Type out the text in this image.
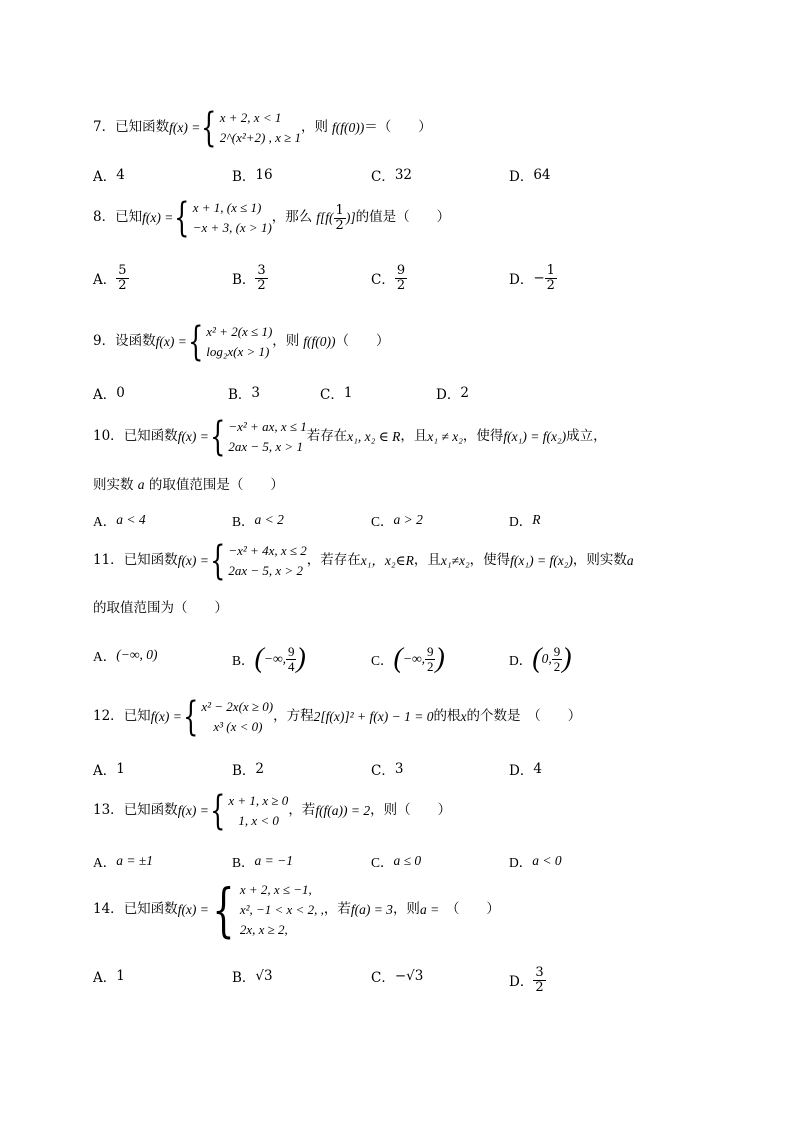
7． 已知函数 f(x) = { x + 2, x < 1
2^(x²+2) , x ≥ 1
，则 f(f(0)) ＝（　　）
A． 4	B． 16	C． 32	D． 64
8． 已知 f(x) = { x + 1, (x ≤ 1)
−x + 3, (x > 1)
，那么 $f[f( \frac{1}{2}$ )] 的值是（　　）
A． $\frac{5}{2}$	B． $\frac{3}{2}$	C． $\frac{9}{2}$	D． − $\frac{1}{2}$
9． 设函数 f(x) = { x² + 2(x ≤ 1)
log₂x(x > 1)
，则 f(f(0)) （　　）
A． 0	B． 3	C． 1	D． 2
10． 已知函数 f(x) = { −x² + ax, x ≤ 1
2ax − 5, x > 1
若存在 x₁, x₂ ∈ R ，且 x₁ ≠ x₂ ，使得 f(x₁) = f(x₂) 成立，
则实数 a 的取值范围是（　　）
A． a < 4	B． a < 2	C． a > 2	D． R
11． 已知函数 f(x) = { −x² + 4x, x ≤ 2
2ax − 5, x > 2
，若存在 x₁，x₂∈R ，且 x₁≠x₂ ，使得 f(x₁) = f(x₂) ，则实数 a
的取值范围为（　　）
A． (−∞, 0)	B． ( −∞, $\frac{9}{4}$ )	C． ( −∞, $\frac{9}{2}$ )	D． ( 0, $\frac{9}{2}$ )
12． 已知 f(x) = { x² − 2x(x ≥ 0)
x³ (x < 0)
，方程 2[f(x)]² + f(x) − 1 = 0 的根 x 的个数是　（　　）
A． 1	B． 2	C． 3	D． 4
13． 已知函数 f(x) = { x + 1, x ≥ 0
1, x < 0
，若 f(f(a)) = 2 ，则（　　）
A． a = ±1	B． a = −1	C． a ≤ 0	D． a < 0
14． 已知函数 f(x) = { x + 2, x ≤ −1,
x², −1 < x < 2, ,
2x, x ≥ 2,
，若 f(a) = 3 ，则 a = 　（　　）
A． 1	B． √3	C． −√3	D． $\frac{3}{2}$
